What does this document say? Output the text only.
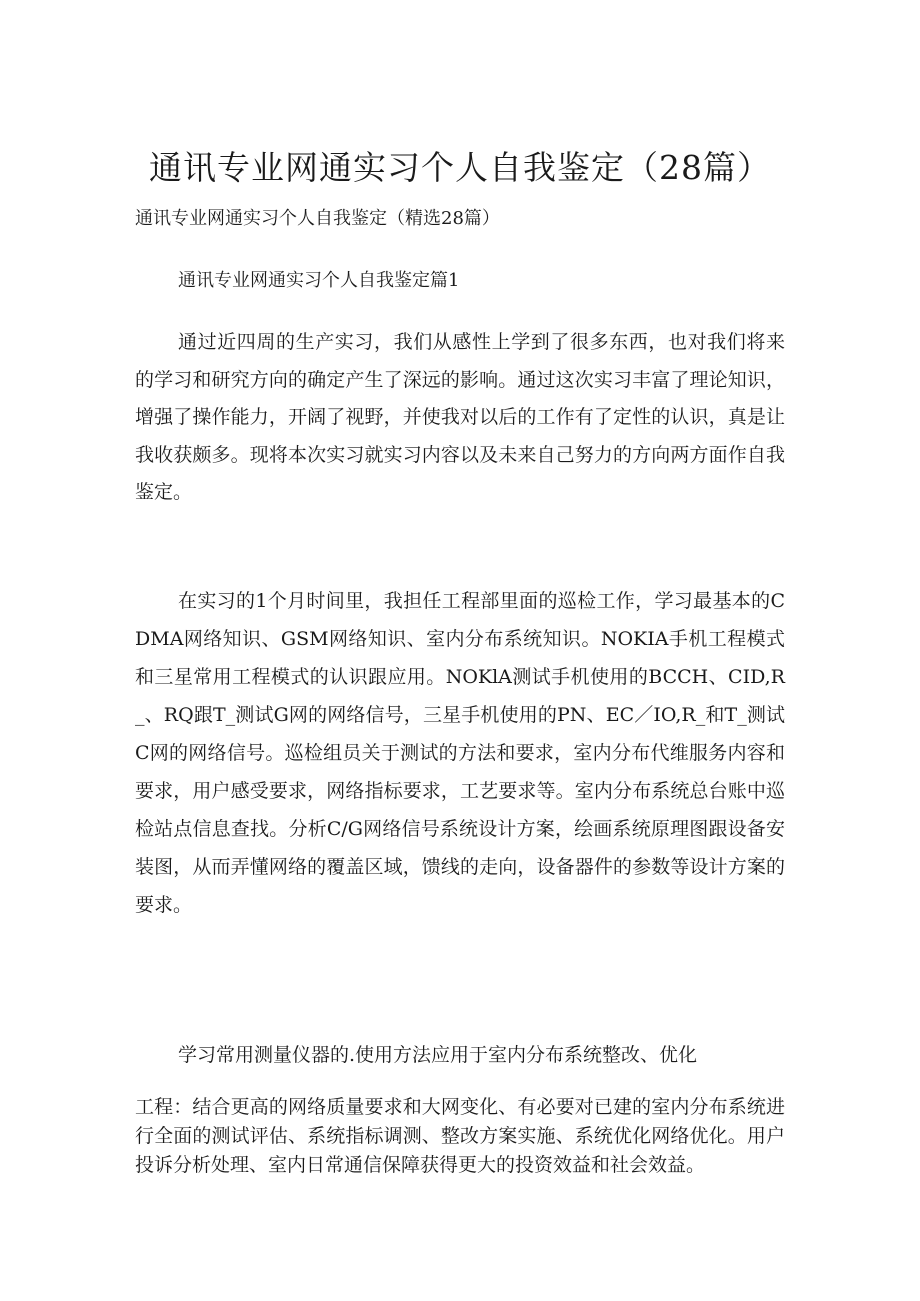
通讯专业网通实习个人自我鉴定（28篇）

通讯专业网通实习个人自我鉴定（精选28篇）

通讯专业网通实习个人自我鉴定篇1

通过近四周的生产实习，我们从感性上学到了很多东西，也对我们将来的学习和研究方向的确定产生了深远的影响。通过这次实习丰富了理论知识，增强了操作能力，开阔了视野，并使我对以后的工作有了定性的认识，真是让我收获颇多。现将本次实习就实习内容以及未来自己努力的方向两方面作自我鉴定。

在实习的1个月时间里，我担任工程部里面的巡检工作，学习最基本的CDMA网络知识、GSM网络知识、室内分布系统知识。NOKIA手机工程模式和三星常用工程模式的认识跟应用。NOKlA测试手机使用的BCCH、CID,R_、RQ跟T_测试G网的网络信号，三星手机使用的PN、EC／IO,R_和T_测试C网的网络信号。巡检组员关于测试的方法和要求，室内分布代维服务内容和要求，用户感受要求，网络指标要求，工艺要求等。室内分布系统总台账中巡检站点信息查找。分析C/G网络信号系统设计方案，绘画系统原理图跟设备安装图，从而弄懂网络的覆盖区域，馈线的走向，设备器件的参数等设计方案的要求。

学习常用测量仪器的.使用方法应用于室内分布系统整改、优化

工程：结合更高的网络质量要求和大网变化、有必要对已建的室内分布系统进行全面的测试评估、系统指标调测、整改方案实施、系统优化网络优化。用户投诉分析处理、室内日常通信保障获得更大的投资效益和社会效益。
